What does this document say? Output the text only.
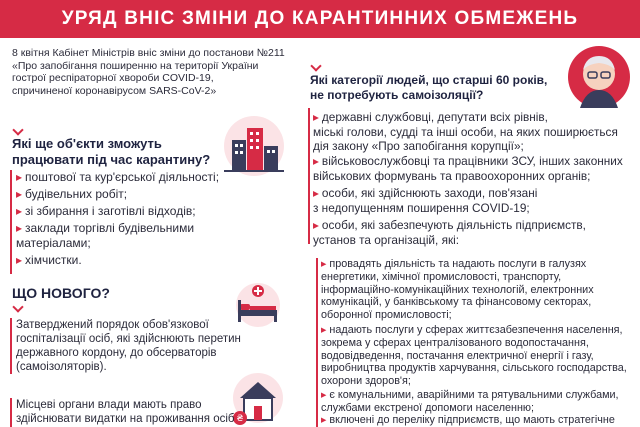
УРЯД ВНІС ЗМІНИ ДО КАРАНТИННИХ ОБМЕЖЕНЬ
8 квітня Кабінет Міністрів вніс зміни до постанови №211
«Про запобігання поширенню на території України
гострої респіраторної хвороби COVID-19,
спричиненої коронавірусом SARS-CoV-2»
Які ще об'єкти зможуть
працювати під час карантину?
▸ поштової та кур'єрської діяльності;
▸ будівельних робіт;
▸ зі збирання і заготівлі відходів;
▸ заклади торгівлі будівельними
матеріалами;
▸ хімчистки.
ЩО НОВОГО?
Затверджений порядок обов'язкової
госпіталізації осіб, які здійснюють перетин
державного кордону, до обсерваторів
(самоізоляторів).
₴
Місцеві органи влади мають право
здійснювати видатки на проживання осіб
Які категорії людей, що старші 60 років,
не потребують самоізоляції?
▸ державні службовці, депутати всіх рівнів,
міські голови, судді та інші особи, на яких поширюється
дія закону «Про запобігання корупції»;
▸ військовослужбовці та працівники ЗСУ, інших законних
військових формувань та правоохоронних органів;
▸ особи, які здійснюють заходи, пов'язані
з недопущенням поширення COVID-19;
▸ особи, які забезпечують діяльність підприємств,
установ та організацій, які:
▸ провадять діяльність та надають послуги в галузях
енергетики, хімічної промисловості, транспорту,
інформаційно-комунікаційних технологій, електронних
комунікацій, у банківському та фінансовому секторах,
оборонної промисловості;
▸ надають послуги у сферах життєзабезпечення населення,
зокрема у сферах централізованого водопостачання,
водовідведення, постачання електричної енергії і газу,
виробництва продуктів харчування, сільського господарства,
охорони здоров'я;
▸ є комунальними, аварійними та рятувальними службами,
службами екстреної допомоги населенню;
▸ включені до переліку підприємств, що мають стратегічне
